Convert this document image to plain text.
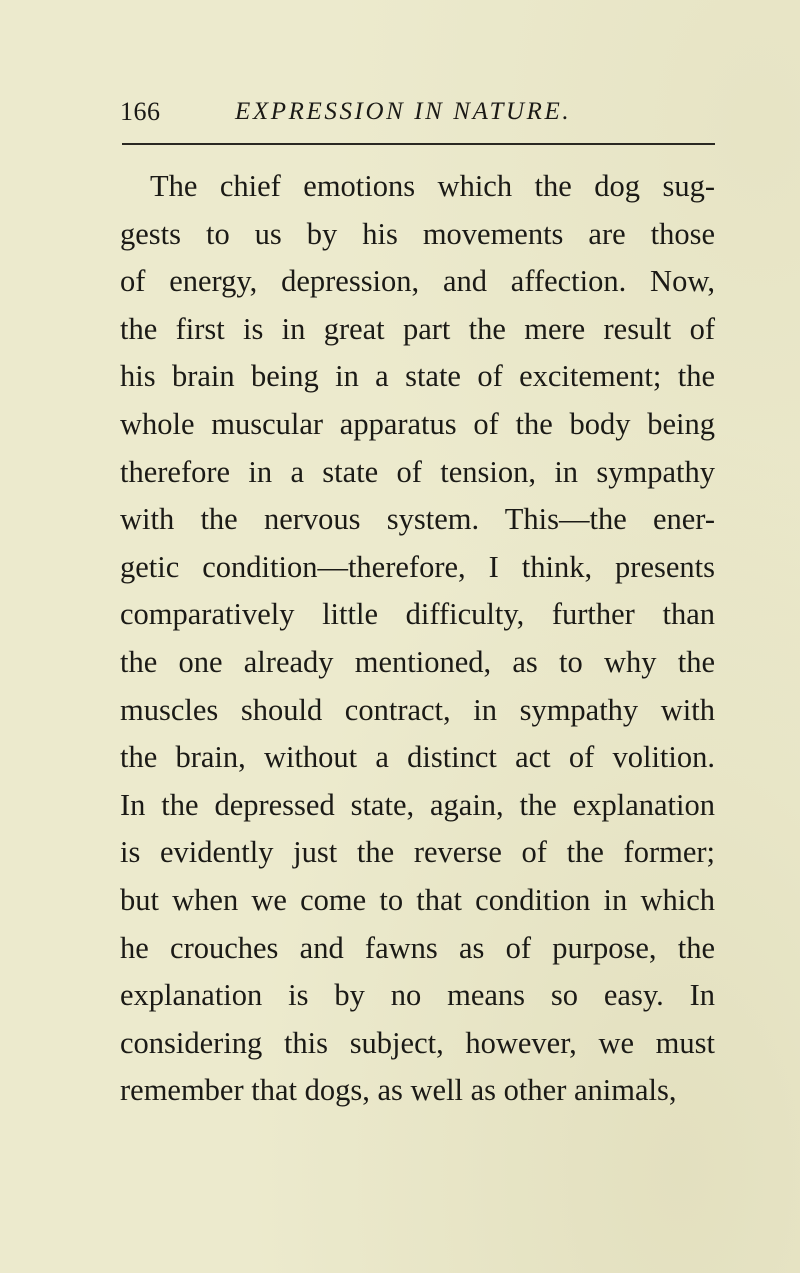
166	EXPRESSION IN NATURE.
The chief emotions which the dog sug-
gests to us by his movements are those
of energy, depression, and affection. Now,
the first is in great part the mere result of
his brain being in a state of excitement; the
whole muscular apparatus of the body being
therefore in a state of tension, in sympathy
with the nervous system. This—the ener-
getic condition—therefore, I think, presents
comparatively little difficulty, further than
the one already mentioned, as to why the
muscles should contract, in sympathy with
the brain, without a distinct act of volition.
In the depressed state, again, the explanation
is evidently just the reverse of the former;
but when we come to that condition in which
he crouches and fawns as of purpose, the
explanation is by no means so easy. In
considering this subject, however, we must
remember that dogs, as well as other animals,
